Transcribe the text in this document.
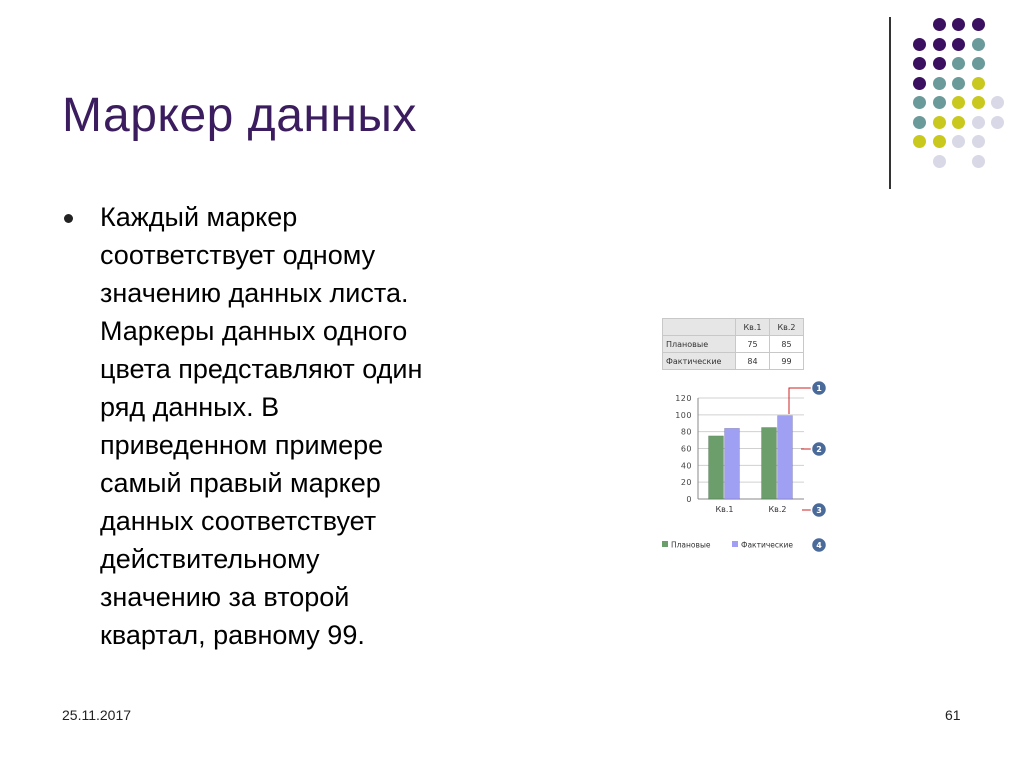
Маркер данных
Каждый маркер
соответствует одному
значению данных листа.
Маркеры данных одного
цвета представляют один
ряд данных. В
приведенном примере
самый правый маркер
данных соответствует
действительному
значению за второй
квартал, равному 99.
	Кв.1	Кв.2
Плановые	75	85
Фактические	84	99
0
20
40
60
80
100
120
Кв.1	Кв.2
Плановые	Фактические
1
2
3
4
25.11.2017	61
